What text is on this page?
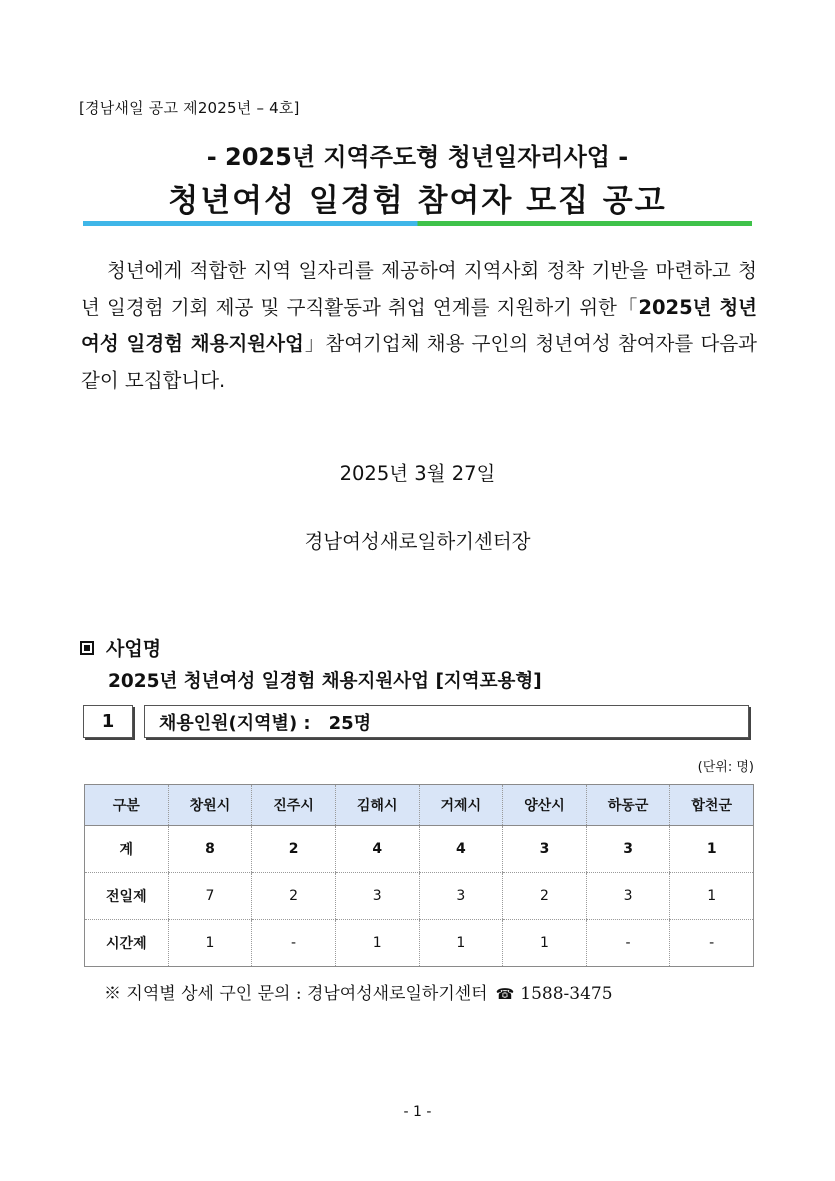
[경남새일 공고 제2025년 – 4호]
- 2025년 지역주도형 청년일자리사업 -
청년여성 일경험 참여자 모집 공고
청년에게 적합한 지역 일자리를 제공하여 지역사회 정착 기반을 마련하고 청년 일경험 기회 제공 및 구직활동과 취업 연계를 지원하기 위한「2025년 청년여성 일경험 채용지원사업」참여기업체 채용 구인의 청년여성 참여자를 다음과 같이 모집합니다.
2025년 3월 27일
경남여성새로일하기센터장
사업명
2025년 청년여성 일경험 채용지원사업 [지역포용형]
1	채용인원(지역별) : 25명
(단위: 명)
구분	창원시	진주시	김해시	거제시	양산시	하동군	합천군
계	8	2	4	4	3	3	1
전일제	7	2	3	3	2	3	1
시간제	1	-	1	1	1	-	-
※ 지역별 상세 구인 문의 : 경남여성새로일하기센터 ☎ 1588-3475
- 1 -
